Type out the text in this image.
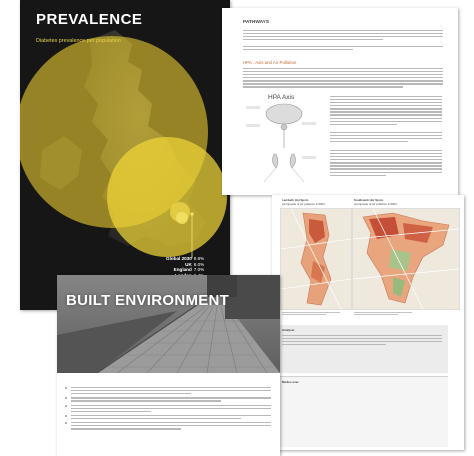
PREVALENCE
Diabetes prevalence per population
Global 2030 9.6%
UK 6.0%
England 7.0%
PATHWAYS
HPA - Axis and Air Pollution
HPA Axis
Lambeth Hot Spots
(composite of air pollution & IMD)
Southwark Hot Spots
(composite of air pollution & IMD)
Analysis
Modes over
BUILT ENVIRONMENT
